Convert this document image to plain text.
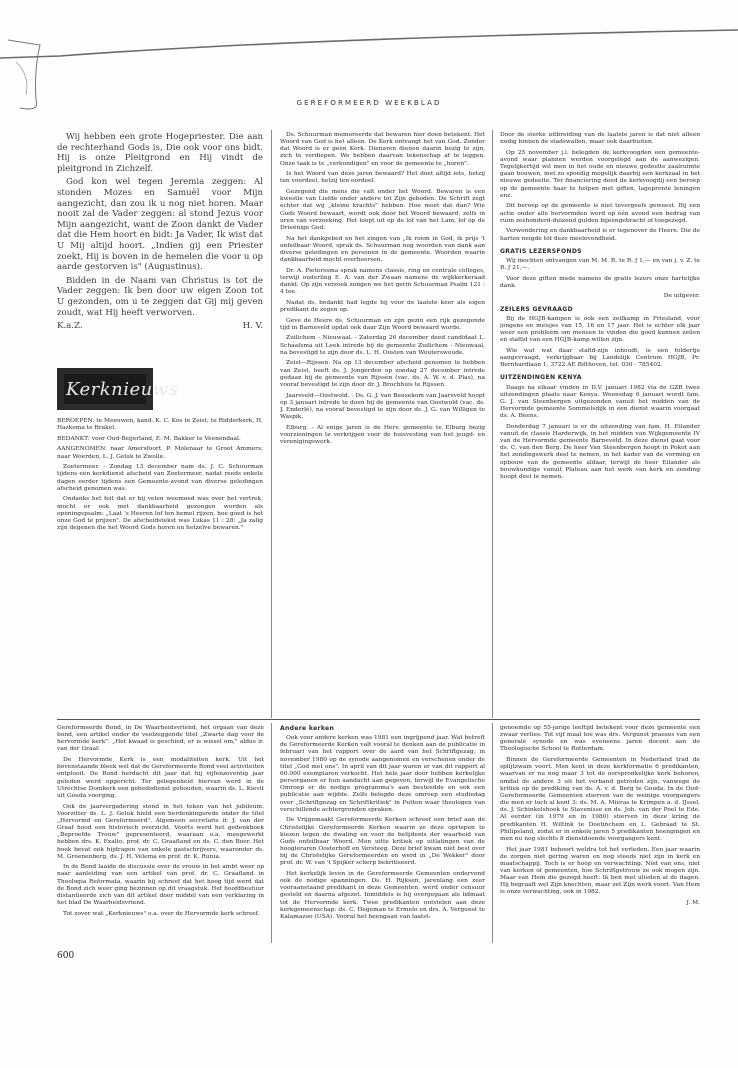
GEREFORMEERD WEEKBLAD

Wij hebben een grote Hogepriester. Die aan de rechterhand Gods is, Die ook voor ons bidt. Hij is onze Pleitgrond en Hij vindt de pleitgrond in Zichzelf.

God kon wel tegen Jeremia zeggen: Al stonden Mozes en Samuël voor Mijn aangezicht, dan zou ik u nog niet horen. Maar nooit zal de Vader zeggen: al stond Jezus voor Mijn aangezicht, want de Zoon dankt de Vader dat die Hem hoort en bidt: Ja Vader, Ik wist dat U Mij altijd hoort. „Indien gij een Priester zoekt, Hij is boven in de hemelen die voor u op aarde gestorven is" (Augustinus).

Bidden in de Naam van Christus is tot de Vader zeggen: Ik ben door uw eigen Zoon tot U gezonden, om u te zeggen dat Gij mij geven zoudt, wat Hij heeft verworven.

K.a.Z.	H. V.
Kerknieuws

BEROEPEN: te Meeuwen, kand. K. C. Kos te Zeist; te Ridderkerk, H. Hazkema te Brakel.

BEDANKT: voor Oud-Beijerland, E. M. Bakker te Veenendaal.

AANGENOMEN: naar Amersfoort, P. Molenaar te Groot Ammers; naar Woerden, L. J. Geluk te Zwolle.

Zoetermeer. - Zondag 13 december nam ds. J. C. Schuurman tijdens een kerkdienst afscheid van Zoetermeer, nadat reeds enkele dagen eerder tijdens een Gemeente-avond van diverse geledingen afscheid genomen was.

Ondanks het feit dat er bij velen weemoed was over het vertrek, mocht er ook met dankbaarheid gezongen worden als openingspsalm: „Laat 's Heeren lof ten hemel rijzen, hoe goed is het onze God te prijzen". De afscheidstekst was Lukas 11 : 28: „Ja zalig zijn degenen die het Woord Gods horen en hetzelve bewaren."

Ds. Schuurman memoreerde dat bewaren hier doen betekent. Het Woord van God is het alleen. De Kerk ontvangt het van God. Zonder dat Woord is er geen Kerk. Dienaren dienen daarin bezig te zijn, zich te verdiepen. We hebben daarvan tekenschap af te leggen. Onze taak is te „verkondigen" en voor de gemeente te „horen".

Is het Woord van deze jaren bewaard? Het doet altijd iets, hetzij ten voordeel, hetzij ten oordeel.

Gezegend die mens die valt onder het Woord. Bewaren is een kwestie van Liefde onder andere tot Zijn geboden. De Schrift zegt echter dat wij „kleine krachts" hebben. Hoe moet dat dan? Wie Gods Woord bewaart, wordt ook door het Woord bewaard, zelfs in uren van verzoeking. Het loopt uit op de lof van het Lam, lof op de Drieënige God.

Na het dankgebed en het zingen van „Ik roem in God, ik prijs 't onfeilbaar Woord, sprak ds. Schuurman nog woorden van dank aan diverse geledingen en personen in de gemeente. Woorden waarin dankbaarheid mocht overheersen.

Dr. A. Pieterssma sprak namens classis, ring en centrale colleges, terwijl ouderling E. A. van der Zwaan namens de wijkkerkeraad dankt. Op zijn verzoek zongen we het gerin Schuurman Psalm 121 : 4 toe.

Nadat ds. bedankt had legde hij voor de laatste keer als eigen predikant de zegen op.

Geve de Heere ds. Schuurman en zijn gezin een rijk gezegende tijd in Barneveld opdat ook daar Zijn Woord bewaard worde.

Zuilichem - Nieuwaal. - Zaterdag 26 december deed candidaat L. Schaafsma uit Leek intrede bij de gemeente Zuilichem - Nieuwaal, na bevestigd te zijn door ds. L. H. Oosten van Wouterswoude.

Zeist—Rijssen. Na op 13 december afscheid genomen te hebben van Zeist, heeft ds. J. Jongerden op zondag 27 december intrede gedaan bij de gemeente van Rijssen (vac. ds. A. W. v. d. Plas), na vooraf bevestigd te zijn door dr. J. Brochhuis te Rijssen.

Jaarsveld—Oostwold. - Ds. G. J. van Beusekom van Jaarsveld hoopt op 3 januari intrede te doen bij de gemeente van Oostwold (vac. ds. J. Enderlé), na vooraf bevestigd te zijn door ds. J. G. van Willigen te Waspik.

Elburg. - Al enige jaren is de Herv. gemeente te Elburg bezig voorzieningen te verkrijgen voor de huisvesting van het jeugd- en verenigingswerk.

Door de sterke uitbreiding van de laatste jaren is dat niet alleen nodig binnen de stadswallen, maar ook daarbuiten.

Op 25 november j.l. belegden de kerkvoogden een gemeente-avond waar plannen werden voorgelegd aan de aanwezigen. Tegelijkertijd wil men in het oude en nieuwe gedeelte zaalruimte gaan bouwen, met zo spoedig mogelijk daarbij een kerkzaal in het nieuwe gedeelte. Ter financiering deed de kerkvoogdij een beroep op de gemeente haar te helpen met giften, lageprente leningen enz.

Dit beroep op de gemeente is niet tevergeefs geweest. Bij een actie onder alle hervormden werd op één avond een bedrag van ruim zeshonderd-duizend gulden bijeengebracht of toegezegd.

Verwondering en dankbaarheid is er tegenover de Heere. Die de harten neigde tot deze meelevendheid.

GRATIS LEZERSFONDS

Wij mochten ontvangen van M. M. R. te R. ƒ 1,— en van j. v. Z. te R. ƒ 21,—.

Voor deze giften mede namens de gratis lezers onze hartelijke dank.

De uitgever.
ZEILERS GEVRAAGD

Bij de HGJB-kampen is ook een zeilkamp in Friesland, voor jongens en meisjes van 15, 16 en 17 jaar. Het is echter elk jaar weer een probleem om mensen te vinden die goed kunnen zeilen en staflid van een HGJB-kamp willen zijn.

Wie wat wat daar stafid-zijn inhoudt, is een foldertje aangevraagd, verkrijgbaar bij Landelijk Centrum HGJB, Pr. Bernhardlaan 1, 3722 AE Bilthoven, tel. 030 - 785402.

UITZENDINGEN KENYA

Daags na elkaar vinden in D.V. januari 1982 via de GZB twee uitzendingen plaats naar Kenya. Woensdag 6 januari wordt fam. G. J. van Steenbergen uitgezonden vanuit het midden van de Hervormde gemeente Sommelsdijk in een dienst waarin voorgaat ds. A. Beens.

Donderdag 7 januari is er de uitzending van fam. H. Eilander vanuit de classis Harderwijk, in het midden van Wijkgemeente IV van de Hervormde gemeente Barneveld. In deze dienst gaat voor ds. C. van den Berg. De heer Van Steenbergen hoopt in Pokot aan het zendingswerk deel te nemen, in het kader van de vorming en opbouw van de gemeente aldaar, terwijl de heer Eilander als bouwkundige vanuit Plateau aan het werk van kerk en zending hoopt deel te nemen.

Gereformeerde Bond, in De Waarheidsvriend, het orgaan van deze bond, een artikel onder de veelzeggende titel „Zwarte dag voor de hervormde kerk". „Het kwaad is geschied, er is wissel om," aldus ir. van der Graaf.

De Hervormde Kerk is een modaliteiten kerk. Uit het bovenstaande bleek wel dat de Gereformeerde Bond veel activiteiten ontplooit. De Bond herdacht dit jaar dat hij vijfenzeventig jaar geleden werd opgericht. Ter gelegenheid hiervan werd in de Utrechtse Domkerk een gebedsdienst gehouden, waarin ds. L. Kievit uit Gouda voorging.

Ook de jaarvergadering stond in het teken van het jubileum. Voorzitter ds. L. J. Geluk hield een herdenkingsrede onder de titel „Hervormd en Gereformeerd". Algemeen secretaris ir. J. van der Graaf hood een historisch overzicht. Voorts werd het gedenkboek „Beproefde Trouw" gepresenteerd, waaraan o.a. meegewerkt hebben drs. K. Exalto, prof. dr. C. Graafland en ds. C. den Boer. Het boek bevat ook bijdragen van enkele gastschrijvers, waaronder ds. M. Groenenberg, ds. J. H. Velema en prof. dr. K. Runia.

In de Bond laaide de discussie over de vrouw in het ambt weer op naar aanleiding van een artikel van prof. dr. C. Graafland in Theologia Reformata, waarin hij schreef dat het hoog tijd werd dat de Bond zich weer ging bezinnen op dit vraagstuk. Het hoofdbestuur distantieerde zich van dit artikel door middel van een verklaring in het blad De Waarheidsvriend.

Tot zover wat „Kerknieuws" o.a. over de Hervormde kerk schreef.

Andere kerken

Ook voor andere kerken was 1981 een ingrijpend jaar. Wat betreft de Gereformeerde Kerken valt vooral te denken aan de publicatie in februari van het rapport over de aard van het Schriftgezag, in november 1980 op de synode aangenomen en verschenen onder de titel „God met ons". In april van dit jaar waren er van dit rapport al 60.000 exemplaren verkocht. Het hele jaar door hebben kerkelijke persorganen er hun aandacht aan gegeven, terwijl de Evangelische Omroep er de nodige programma's aan besteedde en ook een publicatie aan wijdde. Zelfs belegde deze omroep een studiedag over „Schriftgezag en Schriftkritiek" in Putten waar theologen van verschillende achtergronden spraken.

De Vrijgemaakt Gereformeerde Kerken schreef een brief aan de Christelijke Gereformeerde Kerken waarin ze deze opriepen te kiezen tegen de dwaling en voor de belijdenis der waarheid van Gods onfeilbaar Woord. Men uitte kritiek op uitlatingen van de hoogleraren Oosterhoff en Versteeg. Deze brief kwam niet best over bij de Christelijke Gereformeerden en werd in „De Wekker" door prof. dr. W. van 't Spijker scherp bekritiseerd.

Het kerkelijk leven in de Gereformeerde Gemeenten ondervond ook de nodige spanningen. Ds. H. Rijksen, jarenlang een zeer vooraanstaand predikant in deze Gemeenten, werd onder censuur gesteld en daarna afgezet. Inmiddels is hij overgegaan als lidmaat tot de Hervormde kerk. Twee predikanten ontvielen aan deze kerkgemeenschap: ds. C. Hegeman te Ermelo en drs. A. Vergunst te Kalamazoo (USA). Vooral het heengaan van laatst-

genoemde op 55-jarige leeftijd betekent voor deze gemeente een zwaar verlies. Tot vijf maal toe was drs. Vergunst praeses van een generale synode en was eveneens jaren docent aan de Theologische School te Rotterdam.

Binnen de Gereformeerde Gemeenten in Nederland trad de splijtzwam voort. Men kent in deze kerkformatie 6 predikanten, waarvan er nu nog maar 3 tot de oorspronkelijke kerk behoren, omdat de andere 3 uit het verband getreden zijn, vanwege de kritiek op de prediking van ds. A. v. d. Berg te Gouda. In de Oud-Gereformeerde Gemeenten stierven van de weinige voorgangers die men er toch al kent 3: ds. M. A. Mieras te Krimpen a. d. IJssel, ds. J. Schinkelshoek te Stavenisse en ds. Joh. van der Poel te Ede. Al eerder (in 1979 en in 1980) stierven in deze kring de predikanten H. Wiltink te Doetinchem en L. Gebraad te St. Philipsland, zodat er in enkele jaren 5 predikanten heengingen en men nu nog slechts 8 dienstdoende voorgangers kent.

Het jaar 1981 behoort weldra tot het verleden. Een jaar waarin de zorgen niet gering waren en nog steeds niet zijn in kerk en maatschappij. Toch is er hoop en verwachting. Niet van ons, niet van kerken of gemeenten, hoe Schriftgetrouw ze ook mogen zijn. Maar van Hem die gezegd heeft: Ik ben met ulieden al de dagen. Hij begraaft wel Zijn knechten, maar zet Zijn werk voort. Van Hem is onze verwachting, ook in 1982.

J. M.
600
